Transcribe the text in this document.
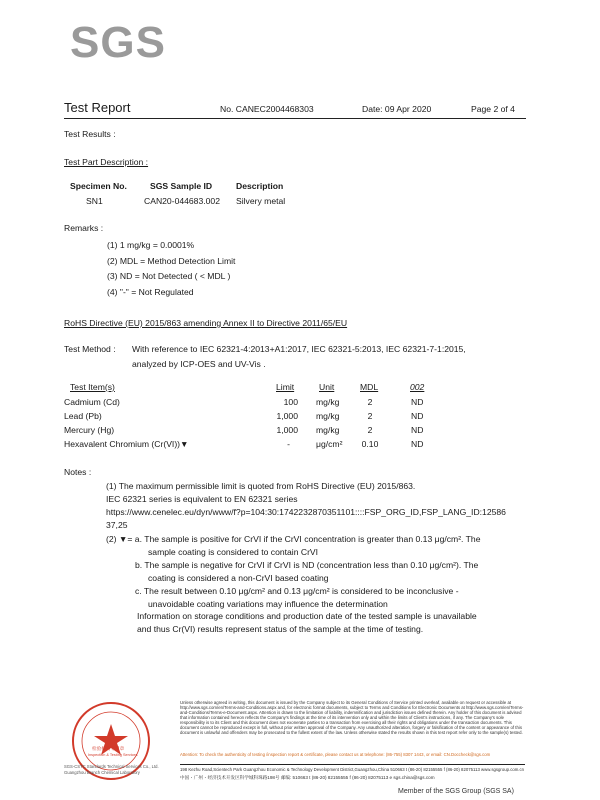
SGS
Test Report	No. CANEC2004468303	Date: 09 Apr 2020	Page 2 of 4
Test Results :
Test Part Description :
Specimen No.	SGS Sample ID	Description
SN1	CAN20-044683.002 Silvery metal
Remarks :
(1) 1 mg/kg = 0.0001%
(2) MDL = Method Detection Limit
(3) ND = Not Detected ( < MDL )
(4) "-" = Not Regulated
RoHS Directive (EU) 2015/863 amending Annex II to Directive 2011/65/EU
Test Method : With reference to IEC 62321-4:2013+A1:2017, IEC 62321-5:2013, IEC 62321-7-1:2015,
analyzed by ICP-OES and UV-Vis .
Test Item(s)	Limit	Unit	MDL	002
Cadmium (Cd)	100 mg/kg	2	ND
Lead (Pb)	1,000 mg/kg	2	ND
Mercury (Hg)	1,000 mg/kg	2	ND
Hexavalent Chromium (Cr(VI))▼	-	μg/cm²	0.10	ND
Notes :
(1) The maximum permissible limit is quoted from RoHS Directive (EU) 2015/863.
IEC 62321 series is equivalent to EN 62321 series
https://www.cenelec.eu/dyn/www/f?p=104:30:1742232870351101::::FSP_ORG_ID,FSP_LANG_ID:12586
37,25
(2) ▼= a. The sample is positive for CrVI if the CrVI concentration is greater than 0.13 μg/cm². The
sample coating is considered to contain CrVI
b. The sample is negative for CrVI if CrVI is ND (concentration less than 0.10 μg/cm²). The
coating is considered a non-CrVI based coating
c. The result between 0.10 μg/cm² and 0.13 μg/cm² is considered to be inconclusive -
unavoidable coating variations may influence the determination
Information on storage conditions and production date of the tested sample is unavailable
and thus Cr(VI) results represent status of the sample at the time of testing.
检验检测专用章
Inspection & Testing Services
SGS-CSTC Standards Technical Services Co., Ltd.
Guangzhou Branch Chemical Laboratory
Unless otherwise agreed in writing, this document is issued by the Company subject to its General Conditions of Service printed overleaf, available on request or accessible at http://www.sgs.com/en/Terms-and-Conditions.aspx and, for electronic format documents, subject to Terms and Conditions for Electronic Documents at http://www.sgs.com/en/Terms-and-Conditions/Terms-e-Document.aspx. Attention is drawn to the limitation of liability, indemnification and jurisdiction issues defined therein. Any holder of this document is advised that information contained hereon reflects the Company's findings at the time of its intervention only and within the limits of Client's instructions, if any. The Company's sole responsibility is to its Client and this document does not exonerate parties to a transaction from exercising all their rights and obligations under the transaction documents. This document cannot be reproduced except in full, without prior written approval of the Company. Any unauthorized alteration, forgery or falsification of the content or appearance of this document is unlawful and offenders may be prosecuted to the fullest extent of the law. Unless otherwise stated the results shown in this test report refer only to the sample(s) tested.
Attention: To check the authenticity of testing /inspection report & certificate, please contact us at telephone: (86-755) 8307 1443, or email: CN.Doccheck@sgs.com
198 Kezhu Road,Scientech Park Guangzhou Economic & Technology Development District,Guangzhou,China 510663 t (86-20) 82155555 f (86-20) 82075113 www.sgsgroup.com.cn
中国・广州・经济技术开发区科学城科珠路198号 邮编: 510663 t (86-20) 82155555 f (86-20) 82075113 e sgs.china@sgs.com
Member of the SGS Group (SGS SA)
